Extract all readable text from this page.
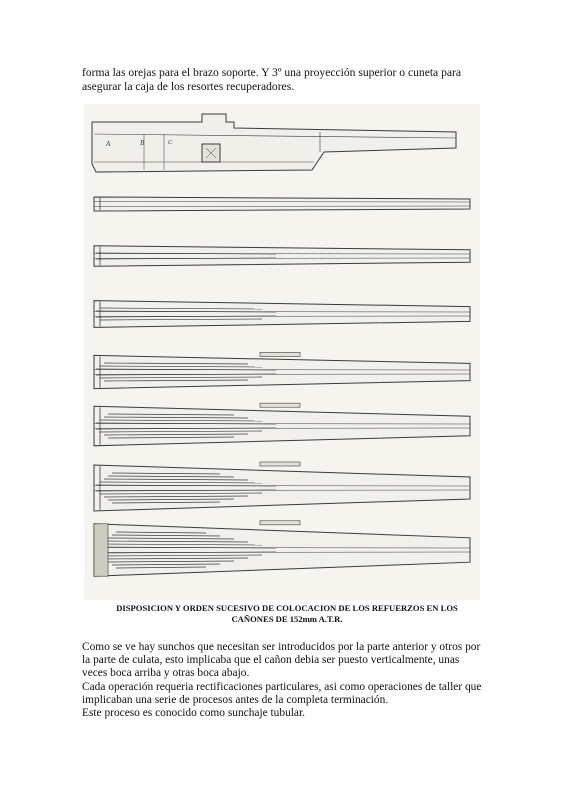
forma las orejas para el brazo soporte. Y 3º una proyección superior o cuneta para
asegurar la caja de los resortes recuperadores.

A	B	C
DISPOSICION Y ORDEN SUCESIVO DE COLOCACION DE LOS REFUERZOS EN LOS
CAÑONES DE 152mm A.T.R.
Como se ve hay sunchos que necesitan ser introducidos por la parte anterior y otros por
la parte de culata, esto implicaba que el cañon debia ser puesto verticalmente, unas
veces boca arriba y otras boca abajo.
Cada operación requeria rectificaciones particulares, asi como operaciones de taller que
implicaban una serie de procesos antes de la completa terminación.
Este proceso es conocido como sunchaje tubular.
